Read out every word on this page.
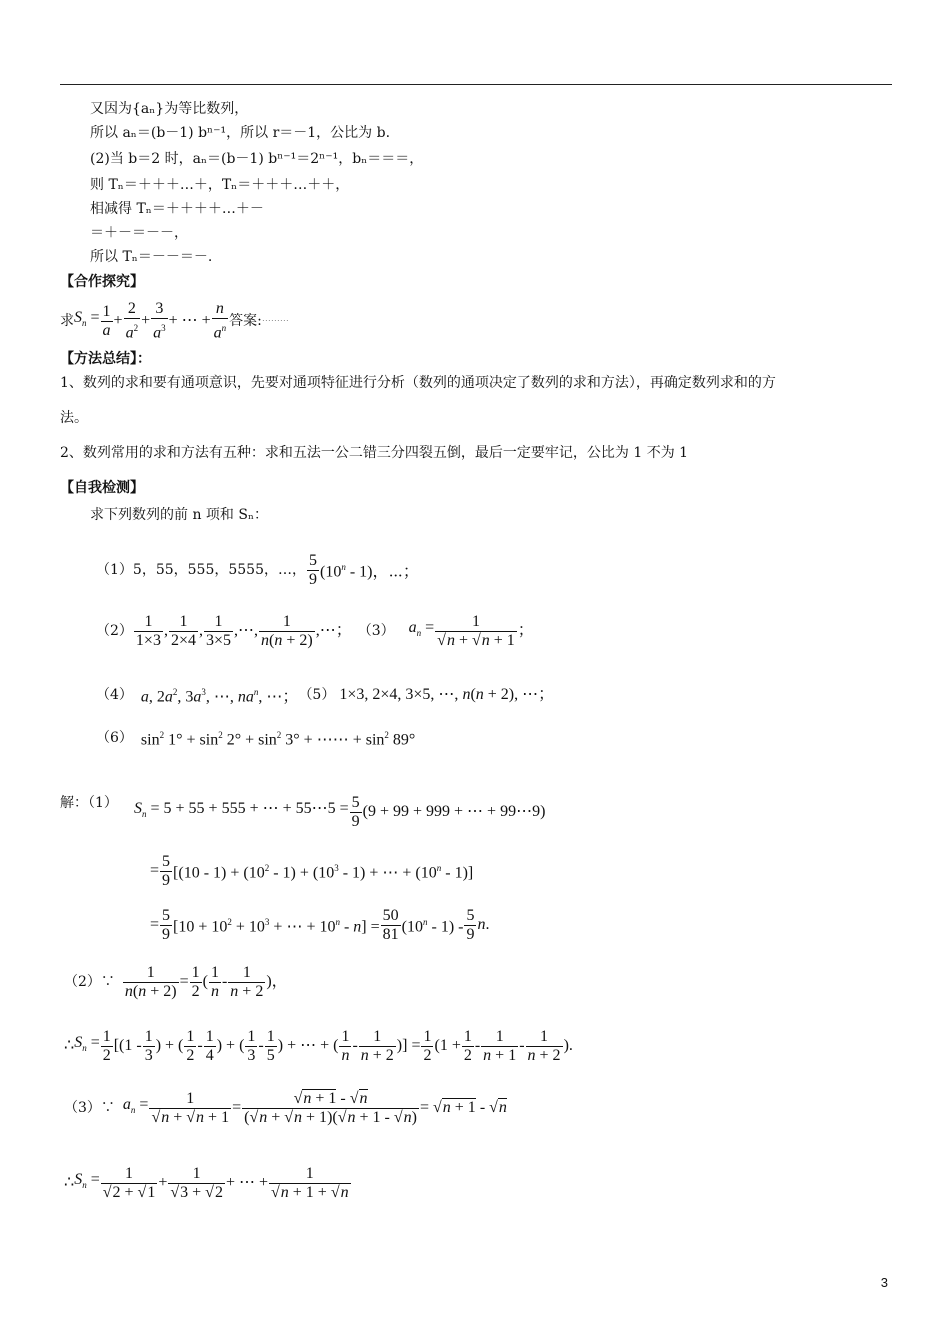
又因为{aₙ}为等比数列，
所以 aₙ＝(b－1) bⁿ⁻¹，所以 r＝－1，公比为 b.
(2)当 b＝2 时，aₙ＝(b－1) bⁿ⁻¹＝2ⁿ⁻¹，bₙ＝＝＝，
则 Tₙ＝＋＋＋…＋，Tₙ＝＋＋＋…＋＋，
相减得 Tₙ＝＋＋＋＋…＋－
＝＋－＝－－，
所以 Tₙ＝－－＝－.
【合作探究】
求 $S_n = \frac{1}{a} + \frac{2}{a^2} + \frac{3}{a^3}$ + ⋯ + $\frac{n}{a^n}$ 答案: ⋯⋯⋯
【方法总结】：
1、数列的求和要有通项意识，先要对通项特征进行分析（数列的通项决定了数列的求和方法），再确定数列求和的方
法。
2、数列常用的求和方法有五种：求和五法一公二错三分四裂五倒，最后一定要牢记，公比为 1 不为 1
【自我检测】
求下列数列的前 n 项和 Sₙ：
（1）5，55，555，5555，…， $\frac{5}{9} (10^n - 1)$，⋯；
$(2) \frac{1}{1\times 3}$ , $\frac{1}{2\times 4}$ , $\frac{1}{3\times 5}$ ,⋯, $\frac{1}{n(n + 2)}$ ,⋯； （3） $a_n = \frac{1}{√n + √n + 1}$ ；
（4） a, $2a^2$, $3a^3$, ⋯, $na^n$, ⋯； （5） 1×3, 2×4, 3×5, ⋯, n(n + 2), ⋯；
（6） $\sin^2 1^\circ + \sin^2 2^\circ + \sin^2 3^\circ$ + ⋯⋯ + $\sin^2 89^\circ$
解：（1） $S_n = 5 + 55 + 555$ + ⋯ + 55⋯5 = $\frac{5}{9} (9 + 99 + 999$ + ⋯ + 99⋯9)
= $\frac{5}{9} [(10 - 1) + (10^2 - 1) + (10^3 - 1)$ + ⋯ + $(10^n - 1)$]
= $\frac{5}{9} [10 + 10^2 + 10^3$ + ⋯ + $10^n - n] = \frac{50}{81} (10^n - 1) - \frac{5}{9}$ n .
（2）∵ $\frac{1}{n(n + 2)} = \frac{1}{2}$ ( $\frac{1}{n} - \frac{1}{n + 2}$ )，
∴ $S_n = \frac{1}{2} [(1 - \frac{1}{3}$ ) + ( $\frac{1}{2} - \frac{1}{4}$ ) + ( $\frac{1}{3} - \frac{1}{5}$ ) + ⋯ + ( $\frac{1}{n} - \frac{1}{n + 2}$ )] = $\frac{1}{2} (1 + \frac{1}{2} - \frac{1}{n + 1} - \frac{1}{n + 2}$ ).
（3）∵ $a_n = \frac{1}{√n + √n + 1} = \frac{√n + 1 - √n}{(√n + √n + 1)(√n + 1 - √n)} = √n + 1 - √n$
∴ $S_n = \frac{1}{√2 + √1} + \frac{1}{√3 + √2}$ + ⋯ + $\frac{1}{√n + 1 + √n}$
3
